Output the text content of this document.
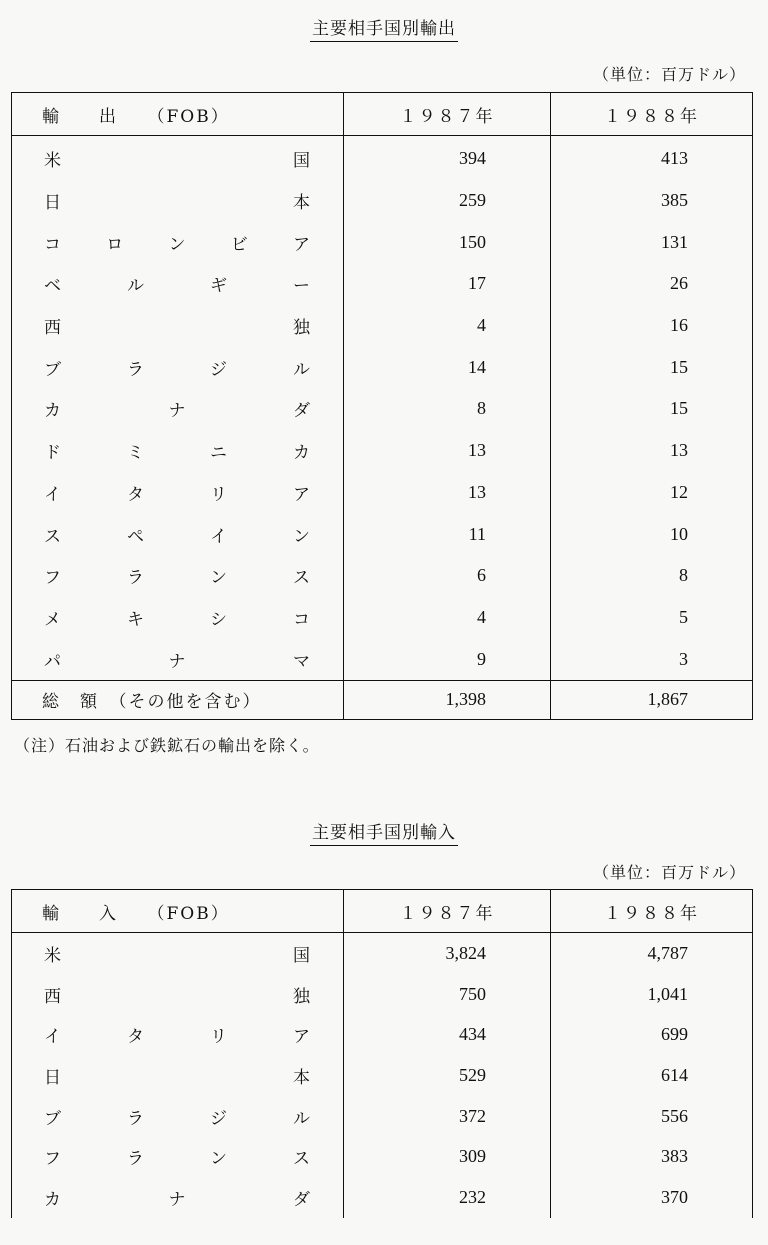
主要相手国別輸出
（単位：百万ドル）
輸　　出　　（FOB）	１９８７年	１９８８年

米 国	394	413

日 本	259	385

コ ロ ン ビ ア	150	131

ベ ル ギ ー	17	26

西 独	4	16

ブ ラ ジ ル	14	15

カ ナ ダ	8	15

ド ミ ニ カ	13	13

イ タ リ ア	13	12

ス ペ イ ン	11	10

フ ラ ン ス	6	8

メ キ シ コ	4	5

パ ナ マ	9	3
総　額　（その他を含む）	1,398	1,867
（注）石油および鉄鉱石の輸出を除く。
主要相手国別輸入
（単位：百万ドル）
輸　　入　　（FOB）	１９８７年	１９８８年

米 国	3,824	4,787

西 独	750	1,041

イ タ リ ア	434	699

日 本	529	614

ブ ラ ジ ル	372	556

フ ラ ン ス	309	383

カ ナ ダ	232	370
